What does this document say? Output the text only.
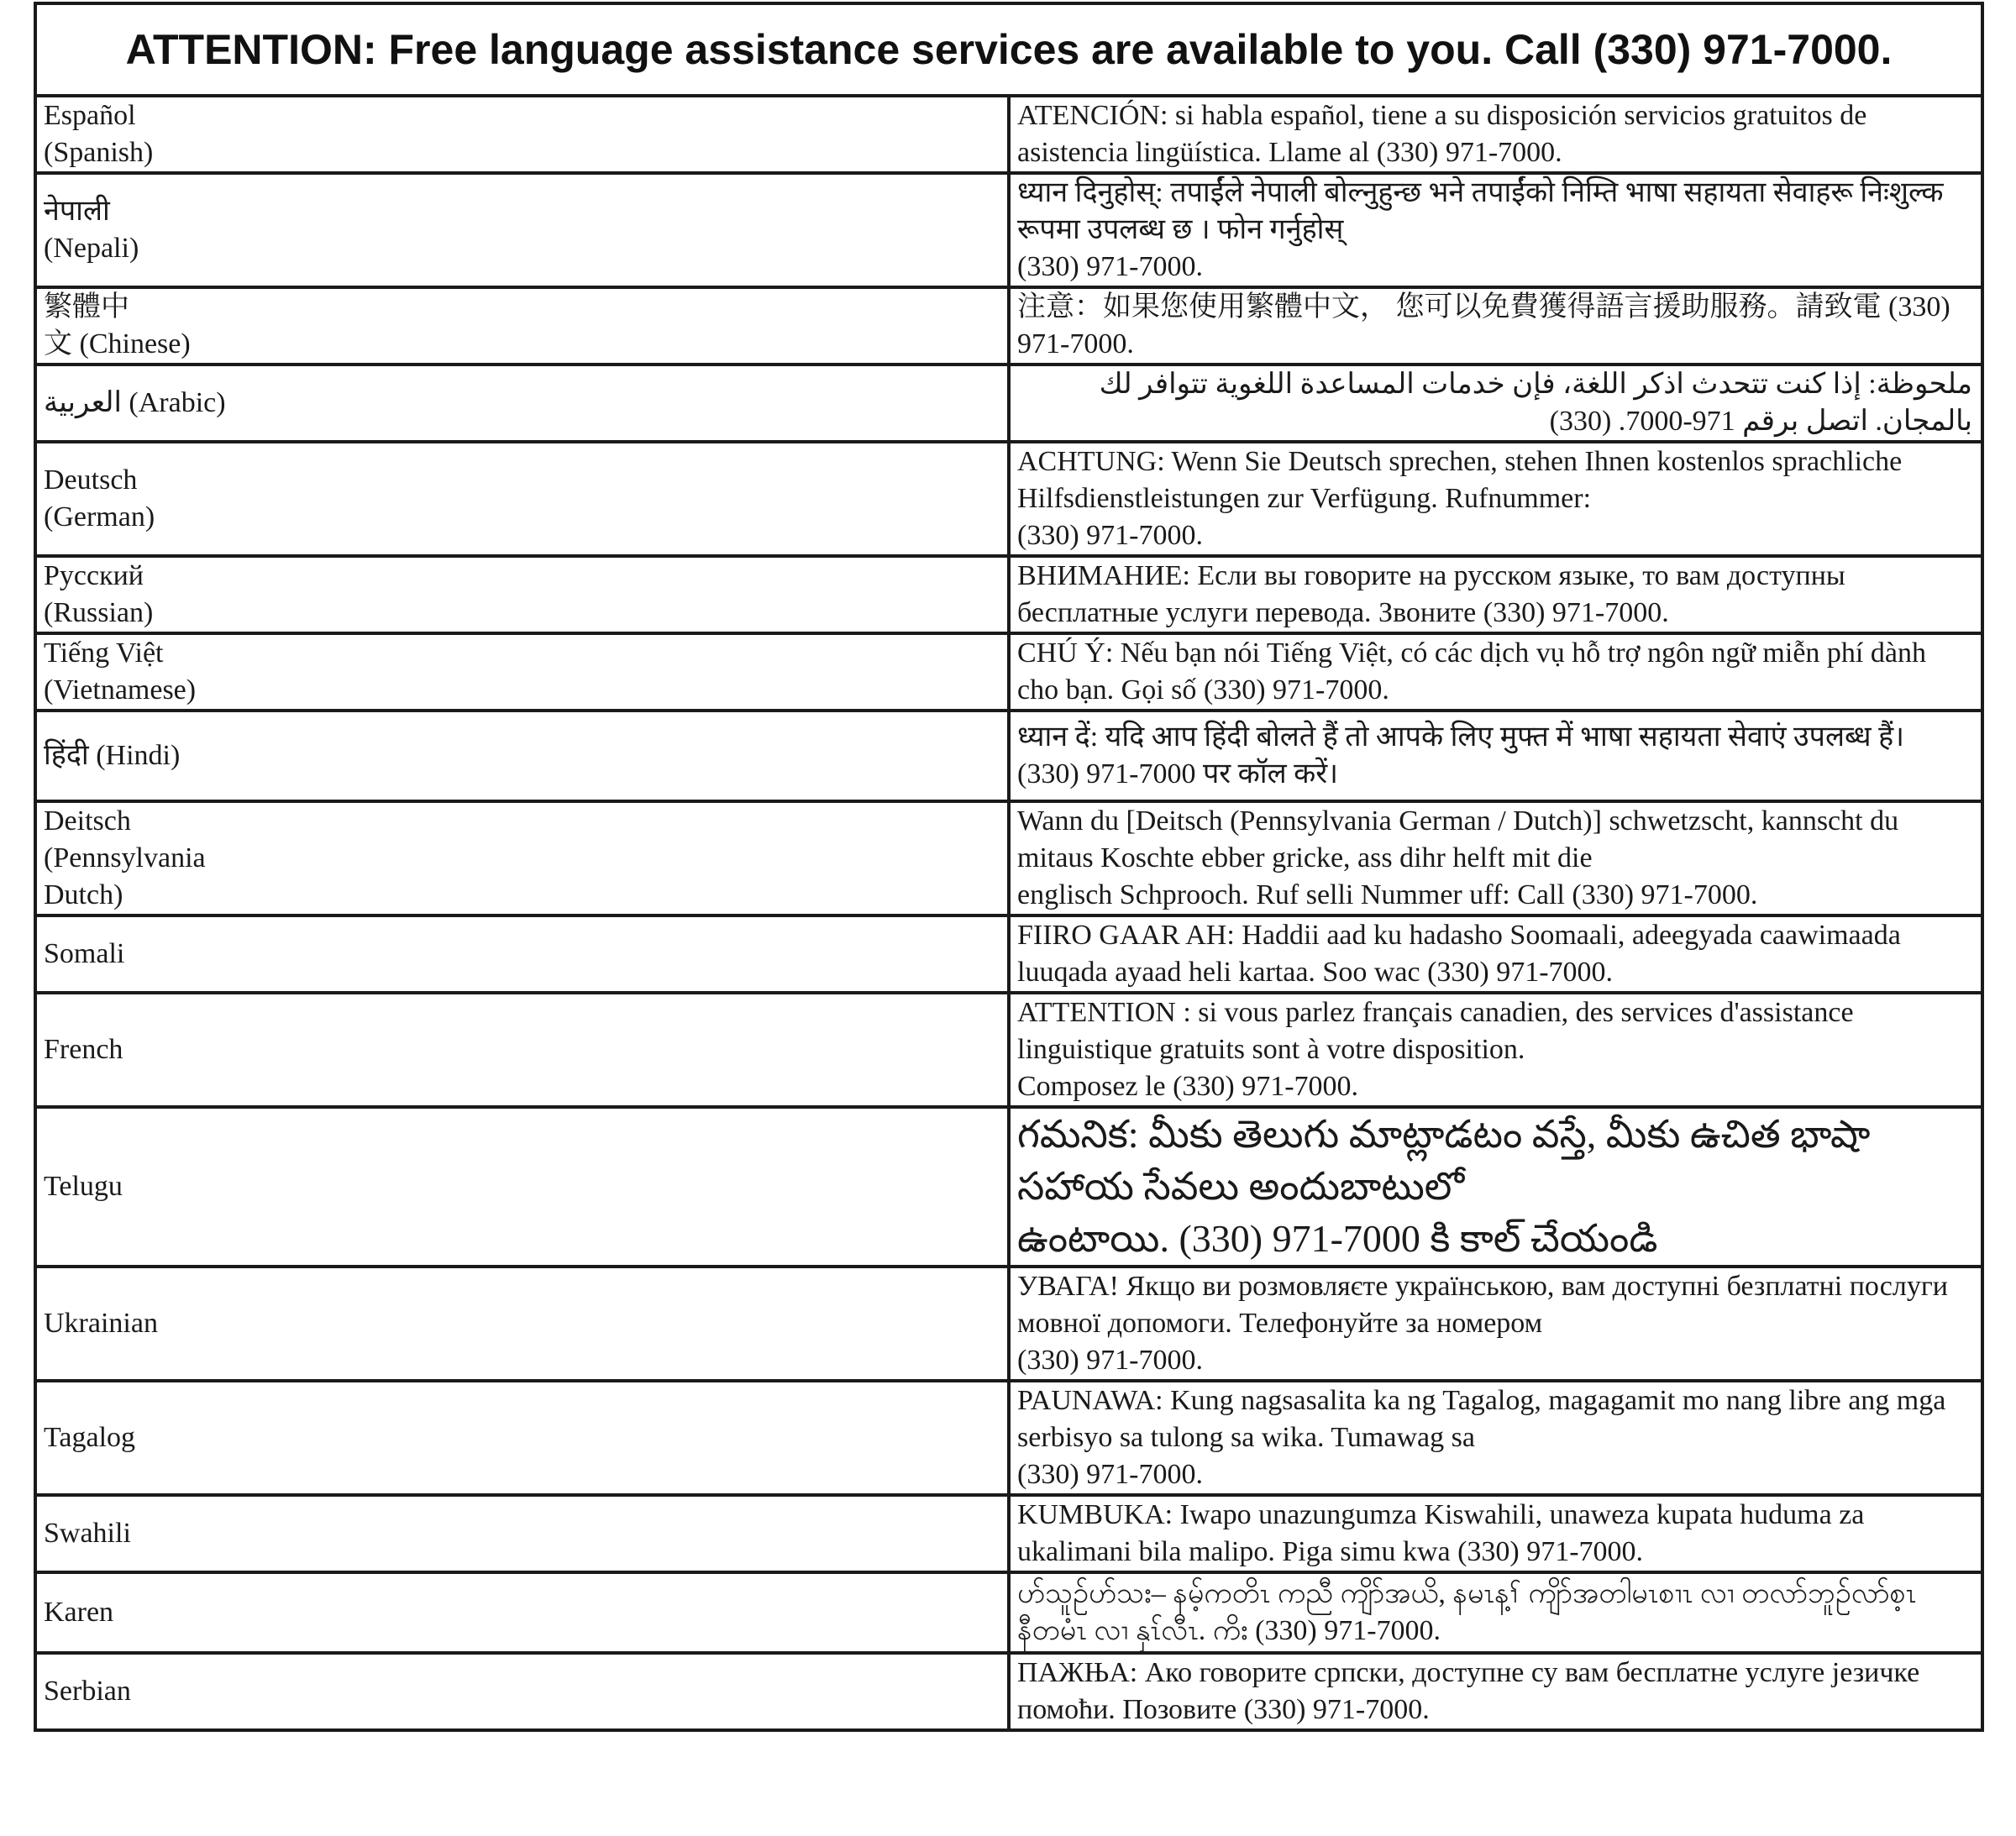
ATTENTION: Free language assistance services are available to you. Call (330) 971-7000.	

Español
(Spanish)	ATENCIÓN: si habla español, tiene a su disposición servicios gratuitos de asistencia lingüística. Llame al (330) 971-7000.

नेपाली
(Nepali)	ध्यान दिनुहोस्: तपाईंले नेपाली बोल्नुहुन्छ भने तपाईंको निम्ति भाषा सहायता सेवाहरू निःशुल्क रूपमा उपलब्ध छ । फोन गर्नुहोस्
(330) 971-7000.

繁體中
文 (Chinese)	注意：如果您使用繁體中文， 您可以免費獲得語言援助服務。請致電 (330) 971-7000.

العربية (Arabic)	ملحوظة: إذا كنت تتحدث اذكر اللغة، فإن خدمات المساعدة اللغوية تتوافر لك بالمجان. اتصل برقم 971-7000. (330)

Deutsch
(German)	ACHTUNG: Wenn Sie Deutsch sprechen, stehen Ihnen kostenlos sprachliche Hilfsdienstleistungen zur Verfügung. Rufnummer:
(330) 971-7000.

Русский
(Russian)	ВНИМАНИЕ: Если вы говорите на русском языке, то вам доступны бесплатные услуги перевода. Звоните (330) 971-7000.

Tiếng Việt
(Vietnamese)	CHÚ Ý: Nếu bạn nói Tiếng Việt, có các dịch vụ hỗ trợ ngôn ngữ miễn phí dành cho bạn. Gọi số (330) 971-7000.

हिंदी (Hindi)	ध्यान दें: यदि आप हिंदी बोलते हैं तो आपके लिए मुफ्त में भाषा सहायता सेवाएं उपलब्ध हैं।
(330) 971-7000 पर कॉल करें।

Deitsch
(Pennsylvania
Dutch)	Wann du [Deitsch (Pennsylvania German / Dutch)] schwetzscht, kannscht du mitaus Koschte ebber gricke, ass dihr helft mit die
englisch Schprooch. Ruf selli Nummer uff: Call (330) 971-7000.

Somali	FIIRO GAAR AH: Haddii aad ku hadasho Soomaali, adeegyada caawimaada luuqada ayaad heli kartaa. Soo wac (330) 971-7000.

French	ATTENTION : si vous parlez français canadien, des services d'assistance linguistique gratuits sont à votre disposition.
Composez le (330) 971-7000.

Telugu	గమనిక: మీకు తెలుగు మాట్లాడటం వస్తే, మీకు ఉచిత భాషా సహాయ సేవలు అందుబాటులో
ఉంటాయి. (330) 971-7000 కి కాల్ చేయండి

Ukrainian	УВАГА! Якщо ви розмовляєте українською, вам доступні безплатні послуги мовної допомоги. Телефонуйте за номером
(330) 971-7000.

Tagalog	PAUNAWA: Kung nagsasalita ka ng Tagalog, magagamit mo nang libre ang mga serbisyo sa tulong sa wika. Tumawag sa
(330) 971-7000.

Swahili	KUMBUKA: Iwapo unazungumza Kiswahili, unaweza kupata huduma za ukalimani bila malipo. Piga simu kwa (330) 971-7000.

Karen	ဟ်သူဉ်ဟ်သး– နမ့်ကတိၤ ကညီ ကျိာ်အယိ, နမၤန့ၢ် ကျိာ်အတါမၤစၢၤ လၢ တလာ်ဘူဉ်လာ်စ့ၤ
နီတမံၤ လၢ နှၤ်လီၤ. ကိး (330) 971-7000.

Serbian	ПАЖЊА: Ако говорите српски, доступне су вам бесплатне услуге језичке помоћи. Позовите (330) 971-7000.
